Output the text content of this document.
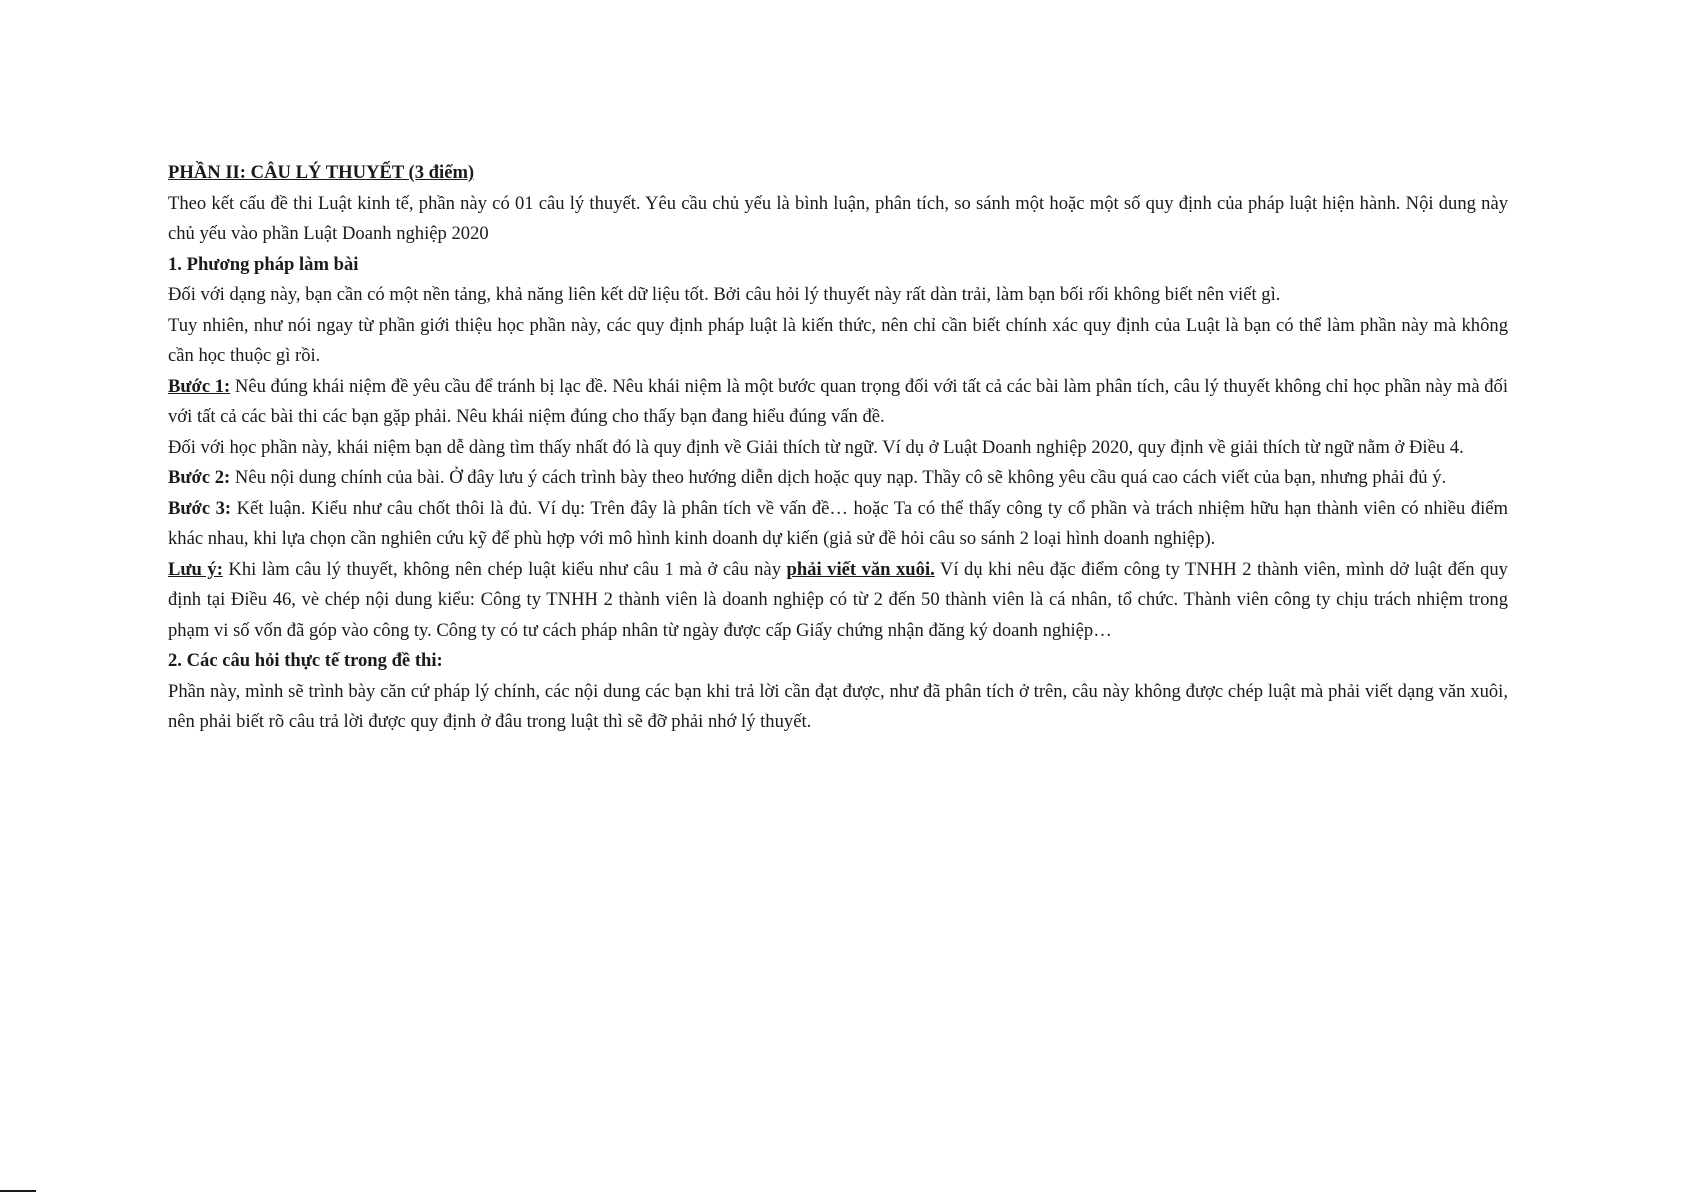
PHẦN II: CÂU LÝ THUYẾT (3 điểm)

Theo kết cấu đề thi Luật kinh tế, phần này có 01 câu lý thuyết. Yêu cầu chủ yếu là bình luận, phân tích, so sánh một hoặc một số quy định của pháp luật hiện hành. Nội dung này chủ yếu vào phần Luật Doanh nghiệp 2020

1. Phương pháp làm bài

Đối với dạng này, bạn cần có một nền tảng, khả năng liên kết dữ liệu tốt. Bởi câu hỏi lý thuyết này rất dàn trải, làm bạn bối rối không biết nên viết gì.

Tuy nhiên, như nói ngay từ phần giới thiệu học phần này, các quy định pháp luật là kiến thức, nên chỉ cần biết chính xác quy định của Luật là bạn có thể làm phần này mà không cần học thuộc gì rồi.

Bước 1: Nêu đúng khái niệm đề yêu cầu để tránh bị lạc đề. Nêu khái niệm là một bước quan trọng đối với tất cả các bài làm phân tích, câu lý thuyết không chỉ học phần này mà đối với tất cả các bài thi các bạn gặp phải. Nêu khái niệm đúng cho thấy bạn đang hiểu đúng vấn đề.

Đối với học phần này, khái niệm bạn dễ dàng tìm thấy nhất đó là quy định về Giải thích từ ngữ. Ví dụ ở Luật Doanh nghiệp 2020, quy định về giải thích từ ngữ nằm ở Điều 4.

Bước 2: Nêu nội dung chính của bài. Ở đây lưu ý cách trình bày theo hướng diễn dịch hoặc quy nạp. Thầy cô sẽ không yêu cầu quá cao cách viết của bạn, nhưng phải đủ ý.

Bước 3: Kết luận. Kiểu như câu chốt thôi là đủ. Ví dụ: Trên đây là phân tích về vấn đề… hoặc Ta có thể thấy công ty cổ phần và trách nhiệm hữu hạn thành viên có nhiều điểm khác nhau, khi lựa chọn cần nghiên cứu kỹ để phù hợp với mô hình kinh doanh dự kiến (giả sử đề hỏi câu so sánh 2 loại hình doanh nghiệp).

Lưu ý: Khi làm câu lý thuyết, không nên chép luật kiểu như câu 1 mà ở câu này phải viết văn xuôi. Ví dụ khi nêu đặc điểm công ty TNHH 2 thành viên, mình dở luật đến quy định tại Điều 46, vè chép nội dung kiểu: Công ty TNHH 2 thành viên là doanh nghiệp có từ 2 đến 50 thành viên là cá nhân, tổ chức. Thành viên công ty chịu trách nhiệm trong phạm vi số vốn đã góp vào công ty. Công ty có tư cách pháp nhân từ ngày được cấp Giấy chứng nhận đăng ký doanh nghiệp…

2. Các câu hỏi thực tế trong đề thi:

Phần này, mình sẽ trình bày căn cứ pháp lý chính, các nội dung các bạn khi trả lời cần đạt được, như đã phân tích ở trên, câu này không được chép luật mà phải viết dạng văn xuôi, nên phải biết rõ câu trả lời được quy định ở đâu trong luật thì sẽ đỡ phải nhớ lý thuyết.
